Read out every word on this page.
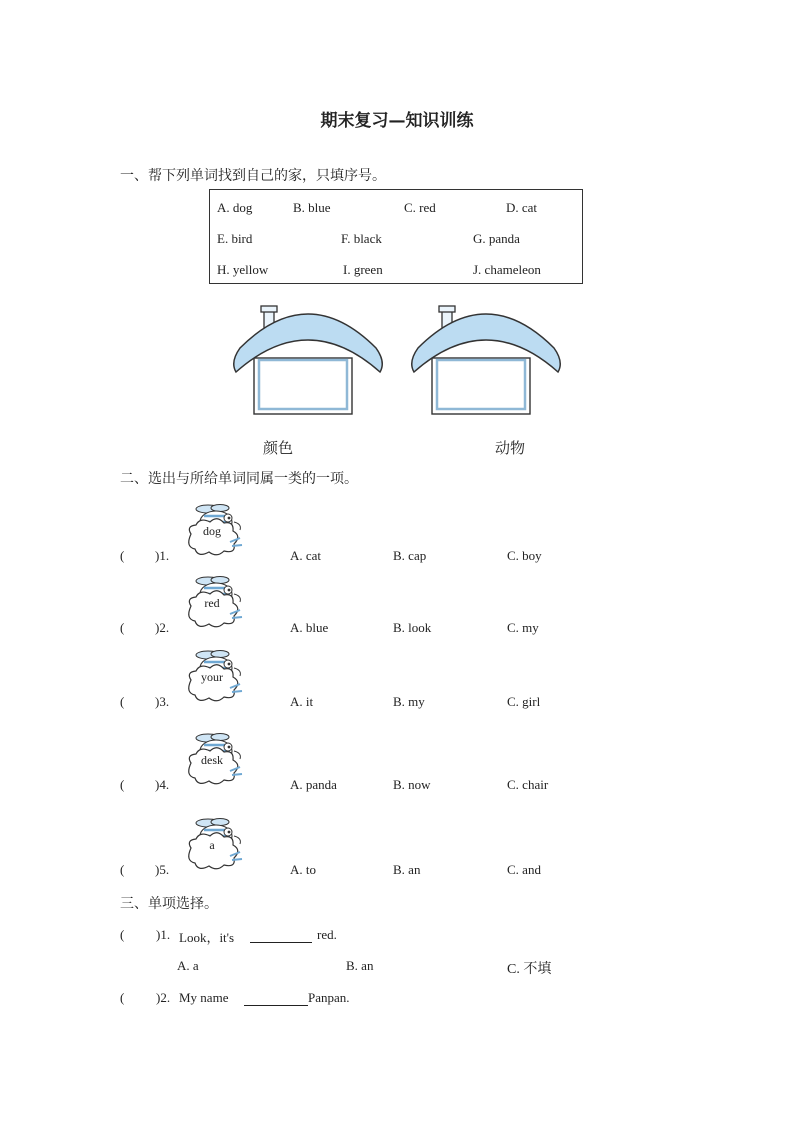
期末复习—知识训练
一、帮下列单词找到自己的家，只填序号。
A. dog	B. blue	C. red	D. cat
E. bird	F. black	G. panda
H. yellow	I. green	J. chameleon
颜色	动物
二、选出与所给单词同属一类的一项。
( )1.
dog
A. cat	B. cap	C. boy
( )2.
red
A. blue	B. look	C. my
( )3.
your
A. it	B. my	C. girl
( )4.
desk
A. panda	B. now	C. chair
( )5.
a
A. to	B. an	C. and
三、单项选择。
( )1. Look，it's	red.
A. a	B. an	C. 不填
( )2. My name	Panpan.
